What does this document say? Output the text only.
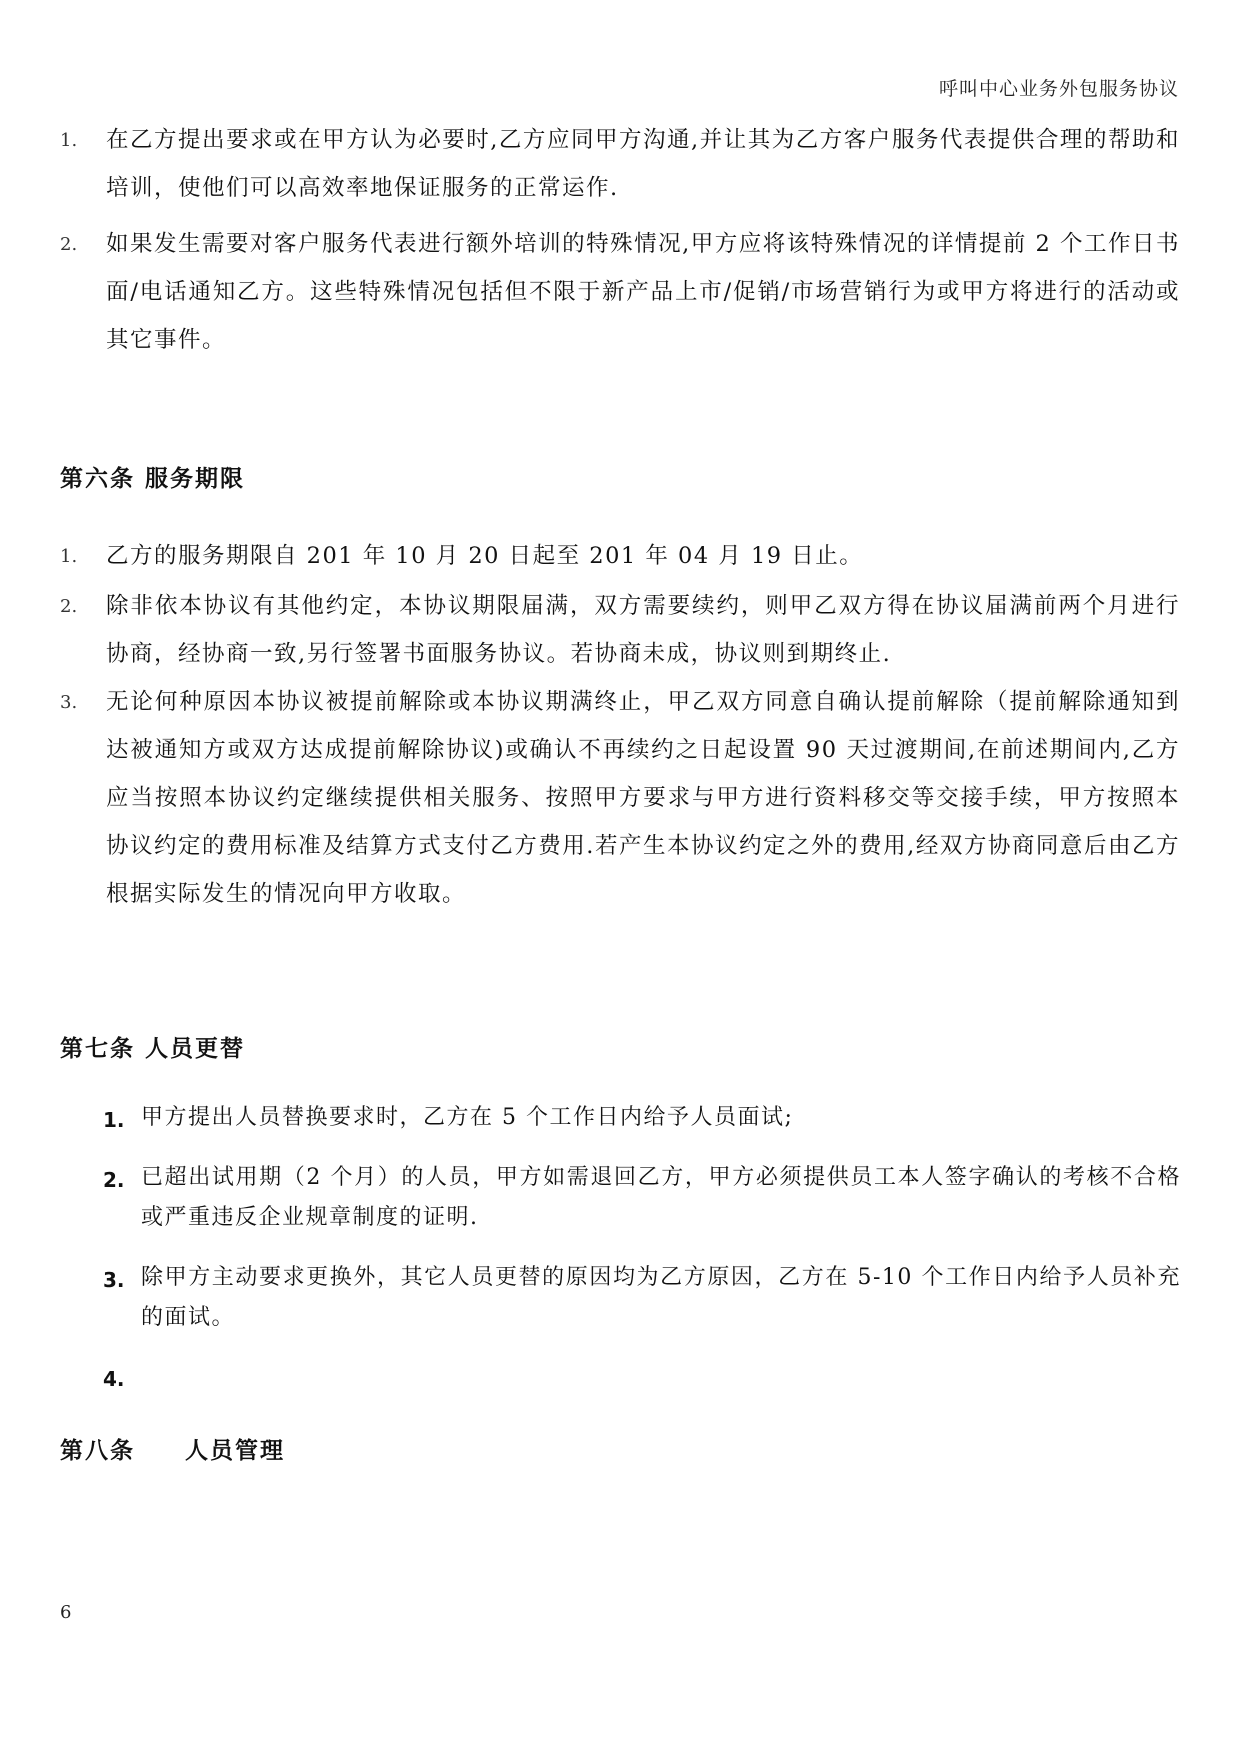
呼叫中心业务外包服务协议
1. 在乙方提出要求或在甲方认为必要时,乙方应同甲方沟通,并让其为乙方客户服务代表提供合理的帮助和培训，使他们可以高效率地保证服务的正常运作.
2. 如果发生需要对客户服务代表进行额外培训的特殊情况,甲方应将该特殊情况的详情提前 2 个工作日书面/电话通知乙方。这些特殊情况包括但不限于新产品上市/促销/市场营销行为或甲方将进行的活动或其它事件。
第六条 服务期限
1. 乙方的服务期限自 201 年 10 月 20 日起至 201 年 04 月 19 日止。
2. 除非依本协议有其他约定，本协议期限届满，双方需要续约，则甲乙双方得在协议届满前两个月进行协商，经协商一致,另行签署书面服务协议。若协商未成，协议则到期终止.
3. 无论何种原因本协议被提前解除或本协议期满终止，甲乙双方同意自确认提前解除（提前解除通知到达被通知方或双方达成提前解除协议)或确认不再续约之日起设置 90 天过渡期间,在前述期间内,乙方应当按照本协议约定继续提供相关服务、按照甲方要求与甲方进行资料移交等交接手续，甲方按照本协议约定的费用标准及结算方式支付乙方费用.若产生本协议约定之外的费用,经双方协商同意后由乙方根据实际发生的情况向甲方收取。
第七条 人员更替
1. 甲方提出人员替换要求时，乙方在 5 个工作日内给予人员面试;
2. 已超出试用期（2 个月）的人员，甲方如需退回乙方，甲方必须提供员工本人签字确认的考核不合格或严重违反企业规章制度的证明.
3. 除甲方主动要求更换外，其它人员更替的原因均为乙方原因，乙方在 5-10 个工作日内给予人员补充的面试。
4.
第八条     人员管理
6
